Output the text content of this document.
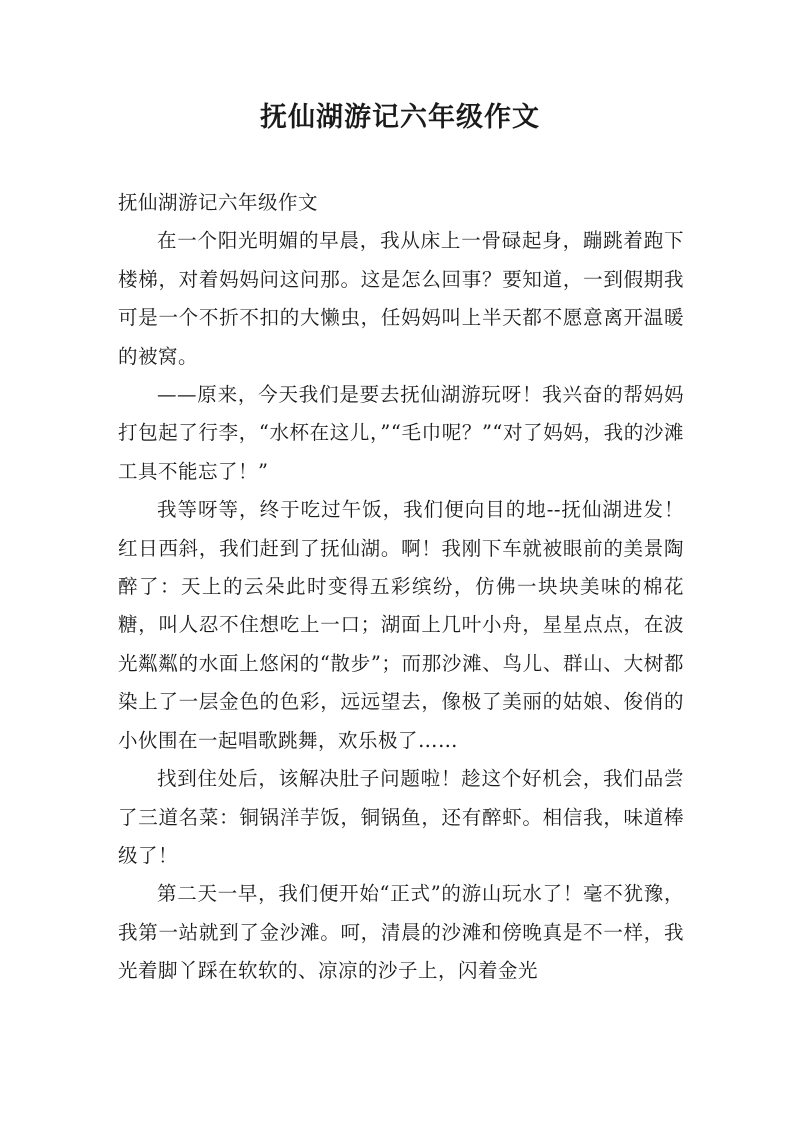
抚仙湖游记六年级作文

抚仙湖游记六年级作文

在一个阳光明媚的早晨，我从床上一骨碌起身，蹦跳着跑下楼梯，对着妈妈问这问那。这是怎么回事？要知道，一到假期我可是一个不折不扣的大懒虫，任妈妈叫上半天都不愿意离开温暖的被窝。

——原来，今天我们是要去抚仙湖游玩呀！我兴奋的帮妈妈打包起了行李，“水杯在这儿，”“毛巾呢？”“对了妈妈，我的沙滩工具不能忘了！”

我等呀等，终于吃过午饭，我们便向目的地--抚仙湖进发！红日西斜，我们赶到了抚仙湖。啊！我刚下车就被眼前的美景陶醉了：天上的云朵此时变得五彩缤纷，仿佛一块块美味的棉花糖，叫人忍不住想吃上一口；湖面上几叶小舟，星星点点，在波光粼粼的水面上悠闲的“散步”；而那沙滩、鸟儿、群山、大树都染上了一层金色的色彩，远远望去，像极了美丽的姑娘、俊俏的小伙围在一起唱歌跳舞，欢乐极了……

找到住处后，该解决肚子问题啦！趁这个好机会，我们品尝了三道名菜：铜锅洋芋饭，铜锅鱼，还有醉虾。相信我，味道棒级了！

第二天一早，我们便开始“正式”的游山玩水了！毫不犹豫，我第一站就到了金沙滩。呵，清晨的沙滩和傍晚真是不一样，我光着脚丫踩在软软的、凉凉的沙子上，闪着金光
